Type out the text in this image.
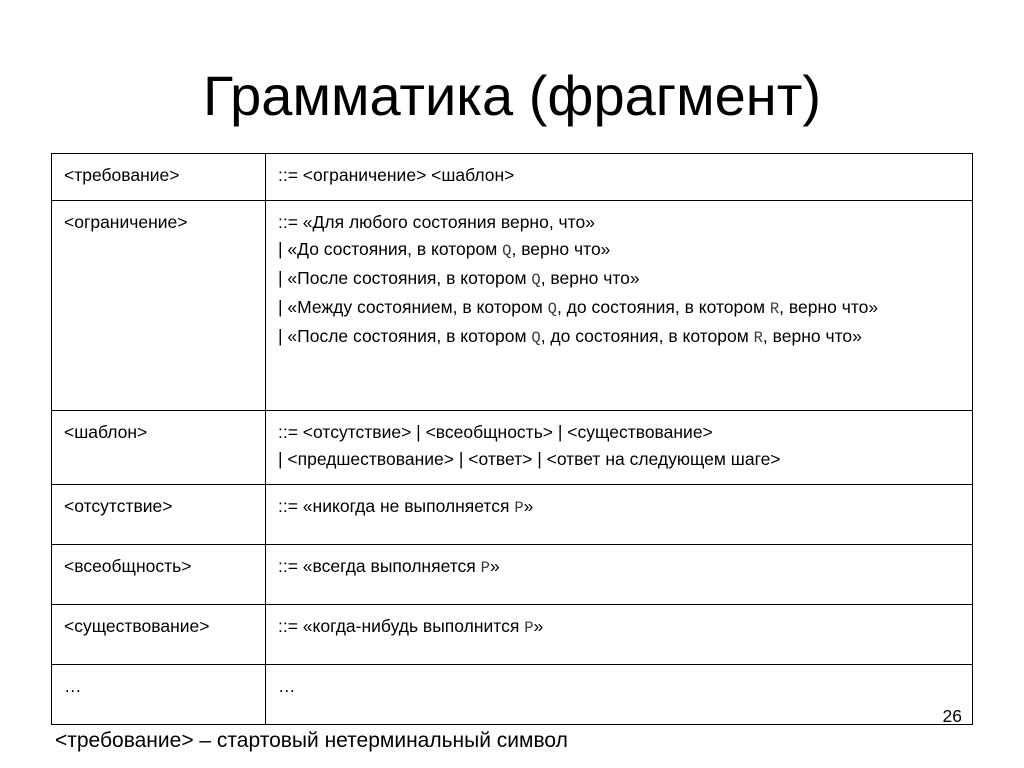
Грамматика (фрагмент)
<требование>	::= <ограничение> <шаблон>

<ограничение>	::= «Для любого состояния верно, что»
| «До состояния, в котором Q, верно что»
| «После состояния, в котором Q, верно что»
| «Между состоянием, в котором Q, до состояния, в котором R, верно что»
| «После состояния, в котором Q, до состояния, в котором R, верно что»

<шаблон>	::= <отсутствие> | <всеобщность> | <существование>
| <предшествование> | <ответ> | <ответ на следующем шаге>

<отсутствие>	::= «никогда не выполняется P»

<всеобщность>	::= «всегда выполняется P»

<существование>	::= «когда-нибудь выполнится P»

…	…
26
<требование> – стартовый нетерминальный символ
